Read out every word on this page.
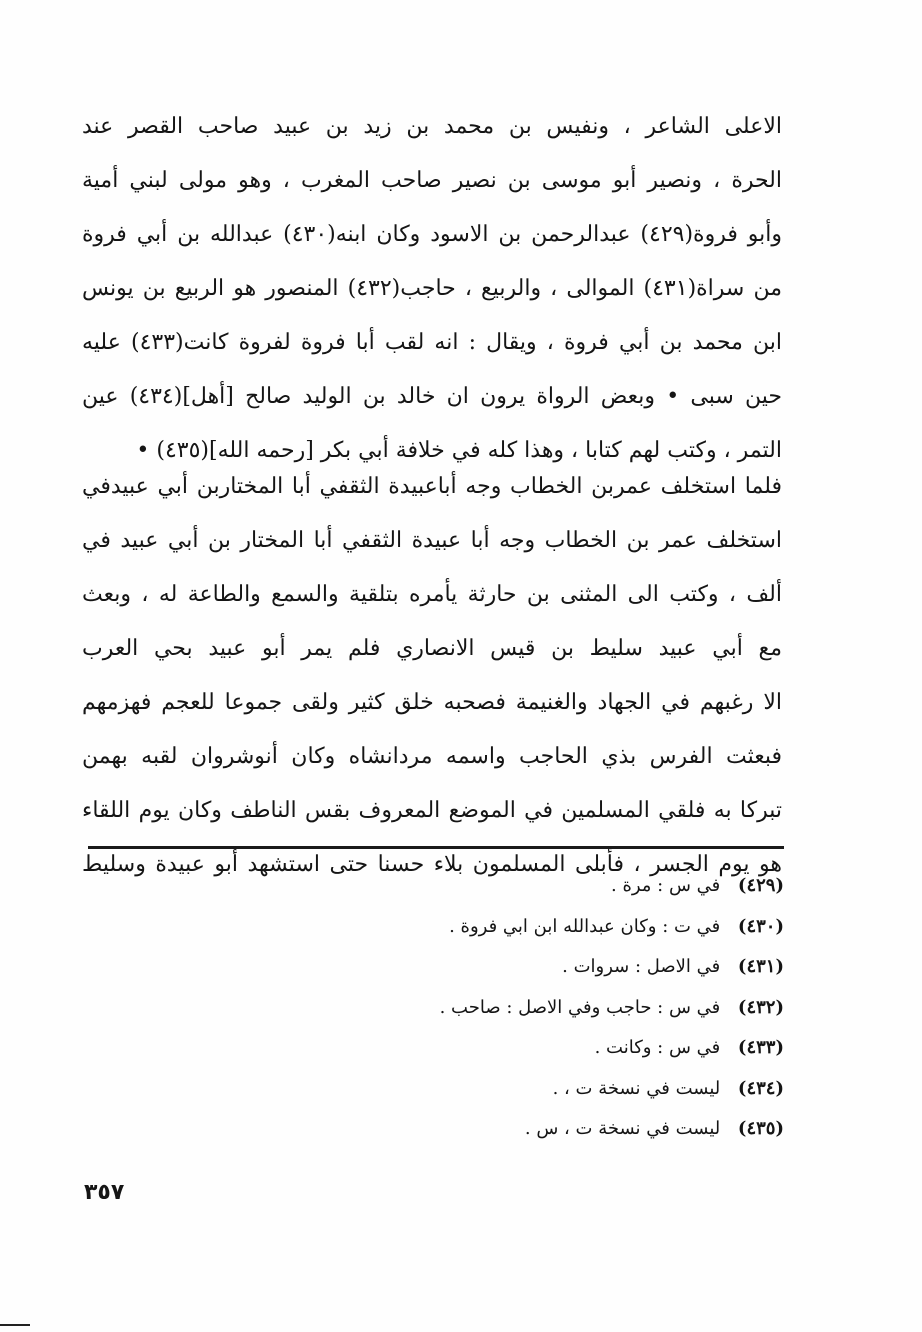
الاعلى الشاعر ، ونفيس بن محمد بن زيد بن عبيد صاحب القصر عند
الحرة ، ونصير أبو موسى بن نصير صاحب المغرب ، وهو مولى لبني أمية
وأبو فروة(٤٢٩) عبدالرحمن بن الاسود وكان ابنه(٤٣٠) عبدالله بن أبي فروة
من سراة(٤٣١) الموالى ، والربيع ، حاجب(٤٣٢) المنصور هو الربيع بن يونس
ابن محمد بن أبي فروة ، ويقال : انه لقب أبا فروة لفروة كانت(٤٣٣) عليه
حين سبى • وبعض الرواة يرون ان خالد بن الوليد صالح [أهل](٤٣٤) عين
التمر ، وكتب لهم كتابا ، وهذا كله في خلافة أبي بكر [رحمه الله](٤٣٥) •
فلما استخلف عمربن الخطاب وجه أباعبيدة الثقفي أبا المختاربن أبي عبيدفي
استخلف عمر بن الخطاب وجه أبا عبيدة الثقفي أبا المختار بن أبي عبيد في
ألف ، وكتب الى المثنى بن حارثة يأمره بتلقية والسمع والطاعة له ، وبعث
مع أبي عبيد سليط بن قيس الانصاري فلم يمر أبو عبيد بحي العرب
الا رغبهم في الجهاد والغنيمة فصحبه خلق كثير ولقى جموعا للعجم فهزمهم
فبعثت الفرس بذي الحاجب واسمه مردانشاه وكان أنوشروان لقبه بهمن
تبركا به فلقي المسلمين في الموضع المعروف بقس الناطف وكان يوم اللقاء
هو يوم الجسر ، فأبلى المسلمون بلاء حسنا حتى استشهد أبو عبيدة وسليط
(٤٢٩) في س : مرة .
(٤٣٠) في ت : وكان عبدالله ابن ابي فروة .
(٤٣١) في الاصل : سروات .
(٤٣٢) في س : حاجب وفي الاصل : صاحب .
(٤٣٣) في س : وكانت .
(٤٣٤) ليست في نسخة ت ، .
(٤٣٥) ليست في نسخة ت ، س .
٣٥٧
